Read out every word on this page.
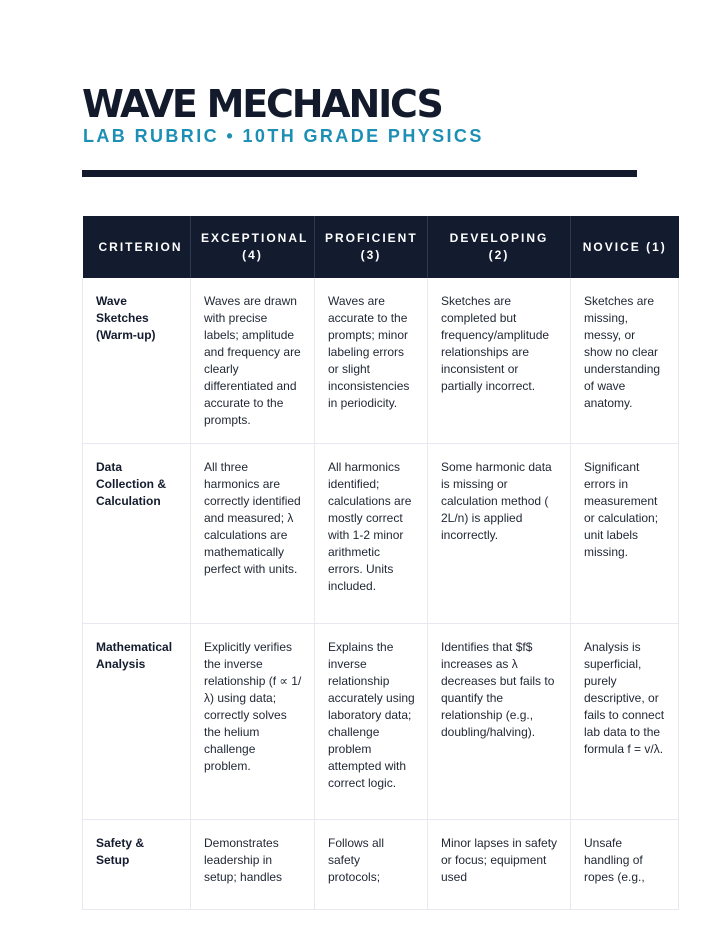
WAVE MECHANICS
LAB RUBRIC • 10TH GRADE PHYSICS
CRITERION	EXCEPTIONAL (4)	PROFICIENT (3)	DEVELOPING (2)	NOVICE (1)
Wave Sketches (Warm-up)	Waves are drawn with precise labels; amplitude and frequency are clearly differentiated and accurate to the prompts.	Waves are accurate to the prompts; minor labeling errors or slight inconsistencies in periodicity.	Sketches are completed but frequency/amplitude relationships are inconsistent or partially incorrect.	Sketches are missing, messy, or show no clear understanding of wave anatomy.
Data Collection & Calculation	All three harmonics are correctly identified and measured; λ calculations are mathematically perfect with units.	All harmonics identified; calculations are mostly correct with 1-2 minor arithmetic errors. Units included.	Some harmonic data is missing or calculation method ( 2L/n) is applied incorrectly.	Significant errors in measurement or calculation; unit labels missing.
Mathematical Analysis	Explicitly verifies the inverse relationship (f ∝ 1/λ) using data; correctly solves the helium challenge problem.	Explains the inverse relationship accurately using laboratory data; challenge problem attempted with correct logic.	Identifies that $f$ increases as λ decreases but fails to quantify the relationship (e.g., doubling/halving).	Analysis is superficial, purely descriptive, or fails to connect lab data to the formula f = v/λ.
Safety & Setup	Demonstrates leadership in setup; handles	Follows all safety protocols;	Minor lapses in safety or focus; equipment used	Unsafe handling of ropes (e.g.,
